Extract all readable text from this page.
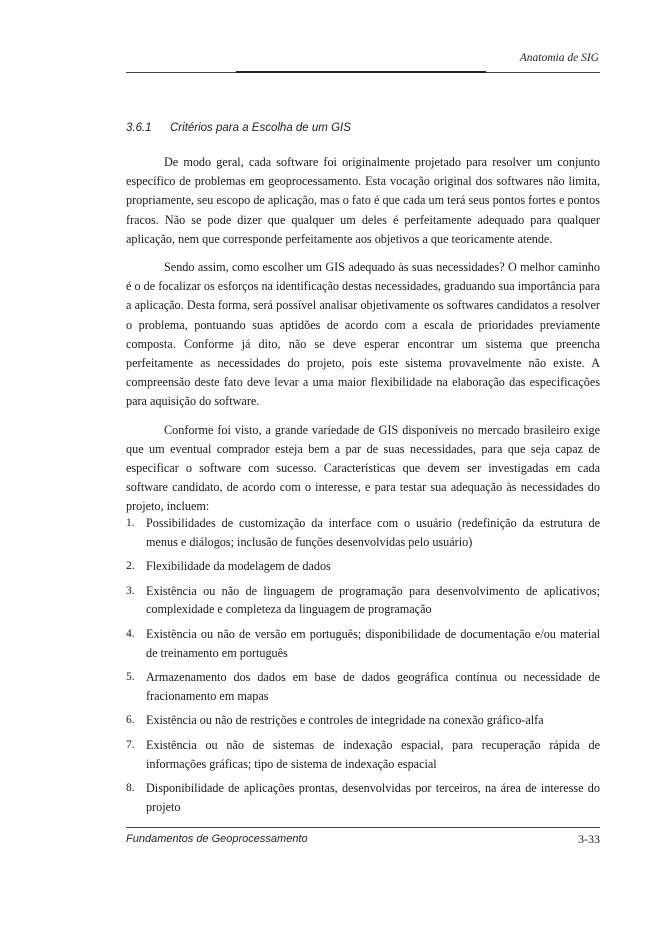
Anatomia de SIG
3.6.1 Critérios para a Escolha de um GIS

De modo geral, cada software foi originalmente projetado para resolver um conjunto específico de problemas em geoprocessamento. Esta vocação original dos softwares não limita, propriamente, seu escopo de aplicação, mas o fato é que cada um terá seus pontos fortes e pontos fracos. Não se pode dizer que qualquer um deles é perfeitamente adequado para qualquer aplicação, nem que corresponde perfeitamente aos objetivos a que teoricamente atende.

Sendo assim, como escolher um GIS adequado às suas necessidades? O melhor caminho é o de focalizar os esforços na identificação destas necessidades, graduando sua importância para a aplicação. Desta forma, será possível analisar objetivamente os softwares candidatos a resolver o problema, pontuando suas aptidões de acordo com a escala de prioridades previamente composta. Conforme já dito, não se deve esperar encontrar um sistema que preencha perfeitamente as necessidades do projeto, pois este sistema provavelmente não existe. A compreensão deste fato deve levar a uma maior flexibilidade na elaboração das especificações para aquisição do software.

Conforme foi visto, a grande variedade de GIS disponíveis no mercado brasileiro exige que um eventual comprador esteja bem a par de suas necessidades, para que seja capaz de especificar o software com sucesso. Características que devem ser investigadas em cada software candidato, de acordo com o interesse, e para testar sua adequação às necessidades do projeto, incluem:

1. Possibilidades de customização da interface com o usuário (redefinição da estrutura de menus e diálogos; inclusão de funções desenvolvidas pelo usuário)
2. Flexibilidade da modelagem de dados
3. Existência ou não de linguagem de programação para desenvolvimento de aplicativos; complexidade e completeza da linguagem de programação
4. Existência ou não de versão em português; disponibilidade de documentação e/ou material de treinamento em português
5. Armazenamento dos dados em base de dados geográfica contínua ou necessidade de fracionamento em mapas
6. Existência ou não de restrições e controles de integridade na conexão gráfico-alfa
7. Existência ou não de sistemas de indexação espacial, para recuperação rápida de informações gráficas; tipo de sistema de indexação espacial
8. Disponibilidade de aplicações prontas, desenvolvidas por terceiros, na área de interesse do projeto
Fundamentos de Geoprocessamento	3-33
